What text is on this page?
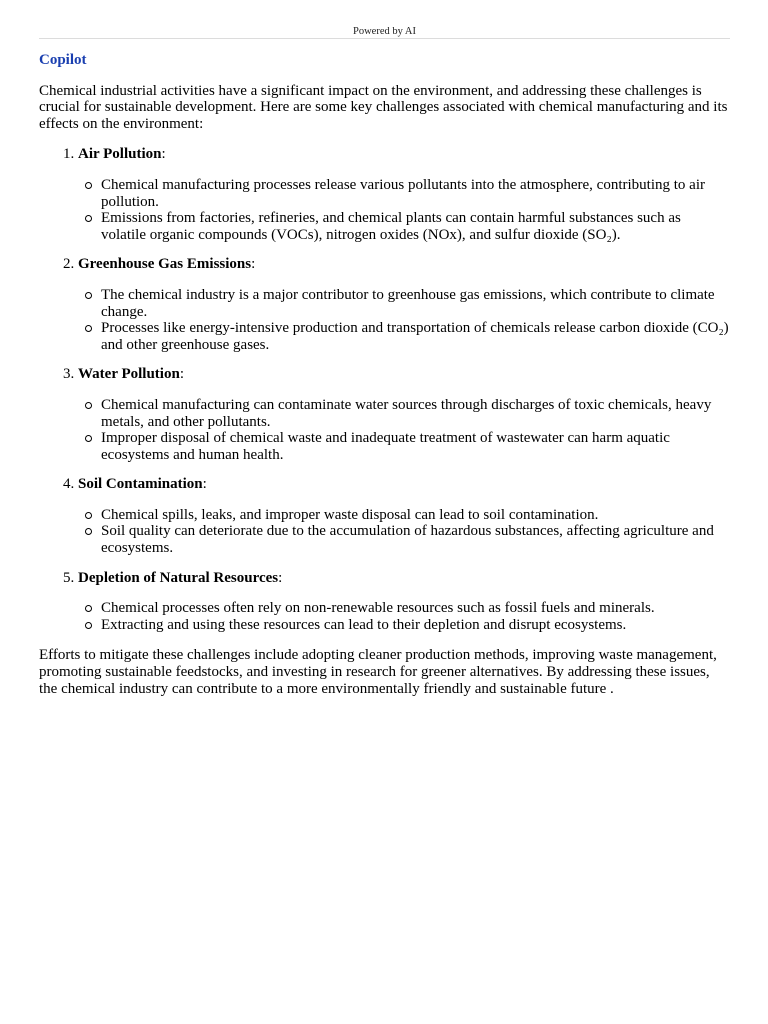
Powered by AI
Copilot

Chemical industrial activities have a significant impact on the environment, and addressing these challenges is crucial for sustainable development. Here are some key challenges associated with chemical manufacturing and its effects on the environment:

1. Air Pollution:
Chemical manufacturing processes release various pollutants into the atmosphere, contributing to air pollution.
Emissions from factories, refineries, and chemical plants can contain harmful substances such as volatile organic compounds (VOCs), nitrogen oxides (NOx), and sulfur dioxide (SO₂).
2. Greenhouse Gas Emissions:
The chemical industry is a major contributor to greenhouse gas emissions, which contribute to climate change.
Processes like energy-intensive production and transportation of chemicals release carbon dioxide (CO₂) and other greenhouse gases.
3. Water Pollution:
Chemical manufacturing can contaminate water sources through discharges of toxic chemicals, heavy metals, and other pollutants.
Improper disposal of chemical waste and inadequate treatment of wastewater can harm aquatic ecosystems and human health.
4. Soil Contamination:
Chemical spills, leaks, and improper waste disposal can lead to soil contamination.
Soil quality can deteriorate due to the accumulation of hazardous substances, affecting agriculture and ecosystems.
5. Depletion of Natural Resources:
Chemical processes often rely on non-renewable resources such as fossil fuels and minerals.
Extracting and using these resources can lead to their depletion and disrupt ecosystems.

Efforts to mitigate these challenges include adopting cleaner production methods, improving waste management, promoting sustainable feedstocks, and investing in research for greener alternatives. By addressing these issues, the chemical industry can contribute to a more environmentally friendly and sustainable future .
